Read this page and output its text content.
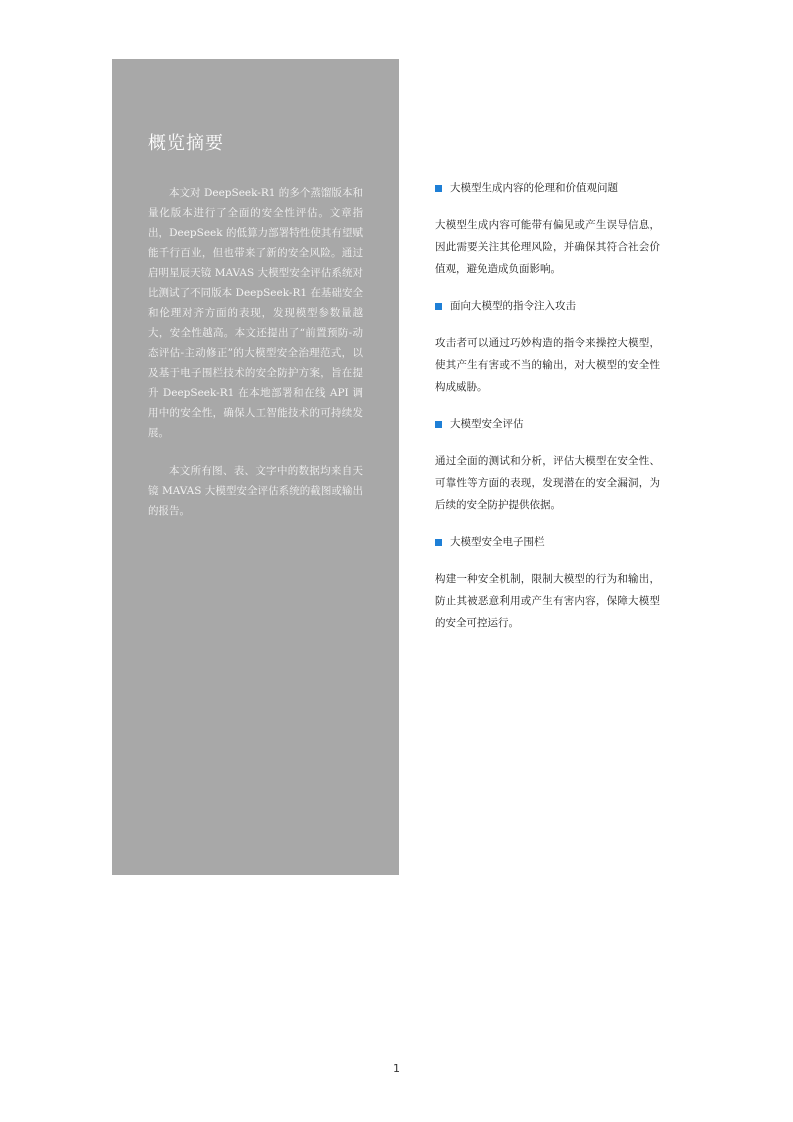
概览摘要

本文对 DeepSeek-R1 的多个蒸馏版本和量化版本进行了全面的安全性评估。文章指出，DeepSeek 的低算力部署特性使其有望赋能千行百业，但也带来了新的安全风险。通过启明星辰天镜 MAVAS 大模型安全评估系统对比测试了不同版本 DeepSeek-R1 在基础安全和伦理对齐方面的表现，发现模型参数量越大，安全性越高。本文还提出了“前置预防-动态评估-主动修正”的大模型安全治理范式，以及基于电子围栏技术的安全防护方案，旨在提升 DeepSeek-R1 在本地部署和在线 API 调用中的安全性，确保人工智能技术的可持续发展。

本文所有图、表、文字中的数据均来自天镜 MAVAS 大模型安全评估系统的截图或输出的报告。

大模型生成内容的伦理和价值观问题

大模型生成内容可能带有偏见或产生误导信息，因此需要关注其伦理风险，并确保其符合社会价值观，避免造成负面影响。

面向大模型的指令注入攻击

攻击者可以通过巧妙构造的指令来操控大模型，使其产生有害或不当的输出，对大模型的安全性构成威胁。

大模型安全评估

通过全面的测试和分析，评估大模型在安全性、可靠性等方面的表现，发现潜在的安全漏洞，为后续的安全防护提供依据。

大模型安全电子围栏

构建一种安全机制，限制大模型的行为和输出，防止其被恶意利用或产生有害内容，保障大模型的安全可控运行。

1
